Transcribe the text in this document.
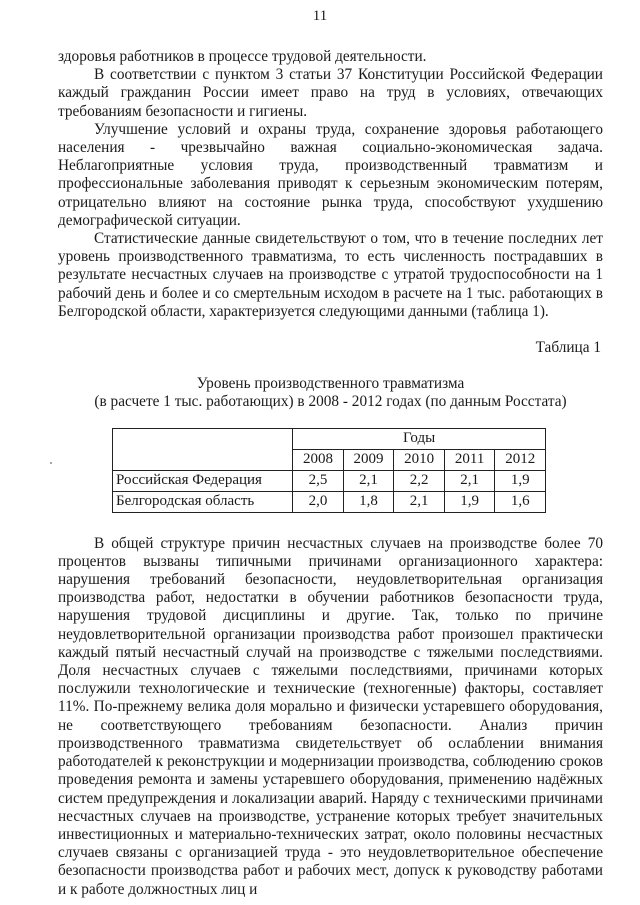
11

здоровья работников в процессе трудовой деятельности.

В соответствии с пунктом 3 статьи 37 Конституции Российской Федерации каждый гражданин России имеет право на труд в условиях, отвечающих требованиям безопасности и гигиены.

Улучшение условий и охраны труда, сохранение здоровья работающего населения - чрезвычайно важная социально-экономическая задача.

Неблагоприятные условия труда, производственный травматизм и профессиональные заболевания приводят к серьезным экономическим потерям, отрицательно влияют на состояние рынка труда, способствуют ухудшению демографической ситуации.

Статистические данные свидетельствуют о том, что в течение последних лет уровень производственного травматизма, то есть численность пострадавших в результате несчастных случаев на производстве с утратой трудоспособности на 1 рабочий день и более и со смертельным исходом в расчете на 1 тыс. работающих в Белгородской области, характеризуется следующими данными (таблица 1).

Таблица 1

Уровень производственного травматизма

(в расчете 1 тыс. работающих) в 2008 - 2012 годах (по данным Росстата)

	Годы				
	2008	2009	2010	2011	2012
Российская Федерация	2,5	2,1	2,2	2,1	1,9
Белгородская область	2,0	1,8	2,1	1,9	1,6

В общей структуре причин несчастных случаев на производстве более 70 процентов вызваны типичными причинами организационного характера: нарушения требований безопасности, неудовлетворительная организация производства работ, недостатки в обучении работников безопасности труда, нарушения трудовой дисциплины и другие. Так, только по причине неудовлетворительной организации производства работ произошел практически каждый пятый несчастный случай на производстве с тяжелыми последствиями. Доля несчастных случаев с тяжелыми последствиями, причинами которых послужили технологические и технические (техногенные) факторы, составляет 11%. По-прежнему велика доля морально и физически устаревшего оборудования, не соответствующего требованиям безопасности. Анализ причин производственного травматизма свидетельствует об ослаблении внимания работодателей к реконструкции и модернизации производства, соблюдению сроков проведения ремонта и замены устаревшего оборудования, применению надёжных систем предупреждения и локализации аварий. Наряду с техническими причинами несчастных случаев на производстве, устранение которых требует значительных инвестиционных и материально-технических затрат, около половины несчастных случаев связаны с организацией труда - это неудовлетворительное обеспечение безопасности производства работ и рабочих мест, допуск к руководству работами и к работе должностных лиц и
